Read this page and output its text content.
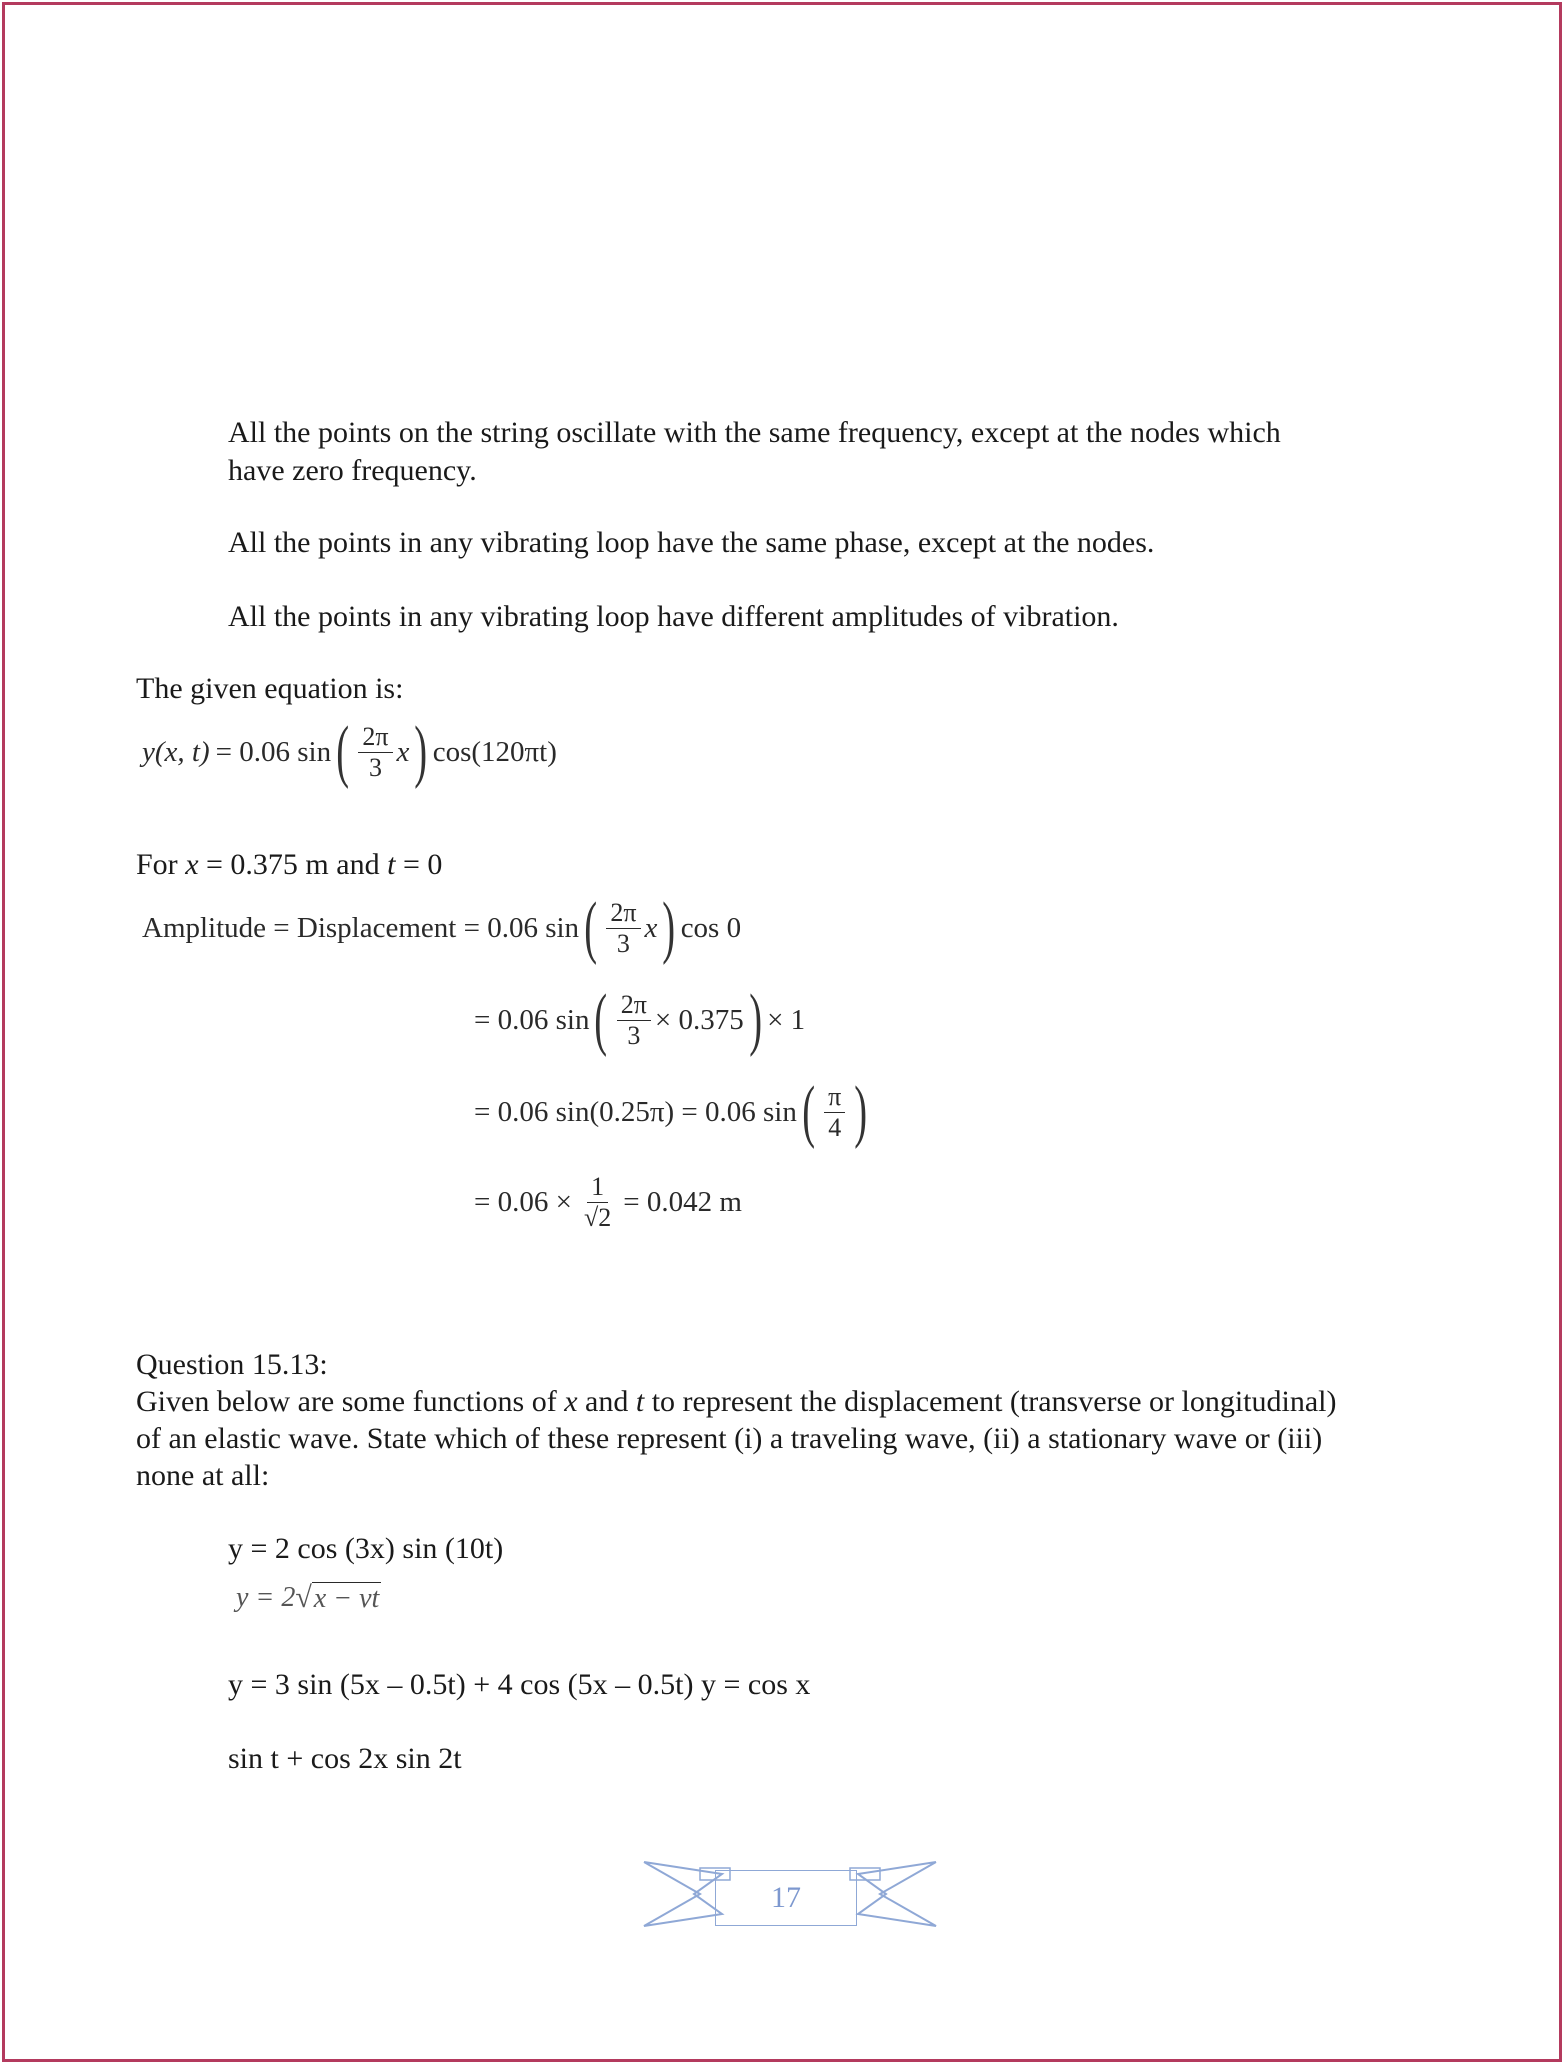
All the points on the string oscillate with the same frequency, except at the nodes which
have zero frequency.
All the points in any vibrating loop have the same phase, except at the nodes.
All the points in any vibrating loop have different amplitudes of vibration.
The given equation is:
y(x, t) = 0.06 sin ( $\frac{2\pi}{3}$ x ) cos(120πt)
For x = 0.375 m and t = 0
Amplitude = Displacement = 0.06 sin ( $\frac{2\pi}{3}$ x ) cos 0
= 0.06 sin ( $\frac{2\pi}{3} \times 0.375$ ) × 1
= 0.06 sin(0.25π) = 0.06 sin ( $\frac{\pi}{4}$ )
= $0.06 \times \frac{1}{√2} = 0.042$ m
Question 15.13:
Given below are some functions of x and t to represent the displacement (transverse or longitudinal)
of an elastic wave. State which of these represent (i) a traveling wave, (ii) a stationary wave or (iii)
none at all:
y = 2 cos (3x) sin (10t)
y = 2 √ x − vt
y = 3 sin (5x – 0.5t) + 4 cos (5x – 0.5t) y = cos x
sin t + cos 2x sin 2t
17
